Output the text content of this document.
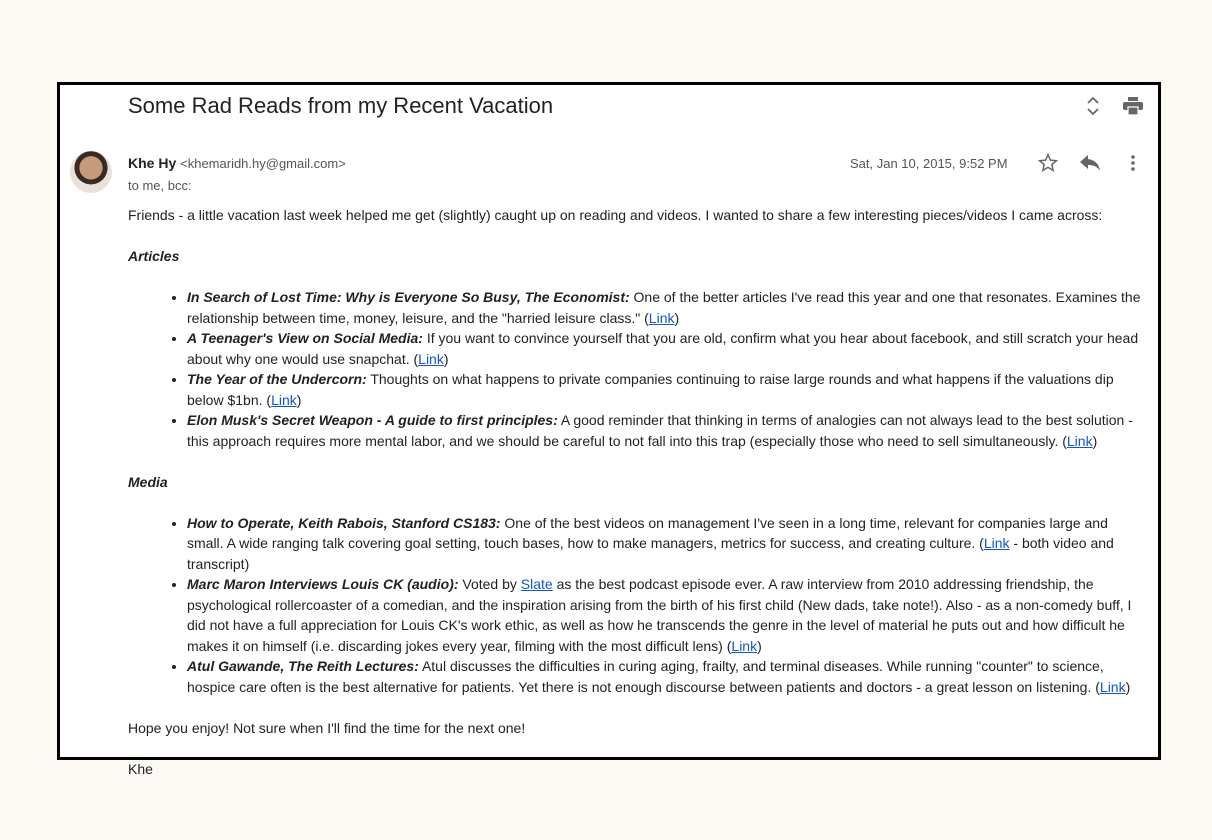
Some Rad Reads from my Recent Vacation
Khe Hy <khemaridh.hy@gmail.com>
to me, bcc:
Sat, Jan 10, 2015, 9:52 PM

Friends - a little vacation last week helped me get (slightly) caught up on reading and videos. I wanted to share a few interesting pieces/videos I came across:

Articles

• In Search of Lost Time: Why is Everyone So Busy, The Economist: One of the better articles I've read this year and one that resonates. Examines the relationship between time, money, leisure, and the "harried leisure class." (Link)
• A Teenager's View on Social Media: If you want to convince yourself that you are old, confirm what you hear about facebook, and still scratch your head about why one would use snapchat. (Link)
• The Year of the Undercorn: Thoughts on what happens to private companies continuing to raise large rounds and what happens if the valuations dip below $1bn. (Link)
• Elon Musk's Secret Weapon - A guide to first principles: A good reminder that thinking in terms of analogies can not always lead to the best solution - this approach requires more mental labor, and we should be careful to not fall into this trap (especially those who need to sell simultaneously. (Link)

Media

• How to Operate, Keith Rabois, Stanford CS183: One of the best videos on management I've seen in a long time, relevant for companies large and small. A wide ranging talk covering goal setting, touch bases, how to make managers, metrics for success, and creating culture. (Link - both video and transcript)
• Marc Maron Interviews Louis CK (audio): Voted by Slate as the best podcast episode ever. A raw interview from 2010 addressing friendship, the psychological rollercoaster of a comedian, and the inspiration arising from the birth of his first child (New dads, take note!). Also - as a non-comedy buff, I did not have a full appreciation for Louis CK's work ethic, as well as how he transcends the genre in the level of material he puts out and how difficult he makes it on himself (i.e. discarding jokes every year, filming with the most difficult lens) (Link)
• Atul Gawande, The Reith Lectures: Atul discusses the difficulties in curing aging, frailty, and terminal diseases. While running "counter" to science, hospice care often is the best alternative for patients. Yet there is not enough discourse between patients and doctors - a great lesson on listening. (Link)

Hope you enjoy! Not sure when I'll find the time for the next one!

Khe
